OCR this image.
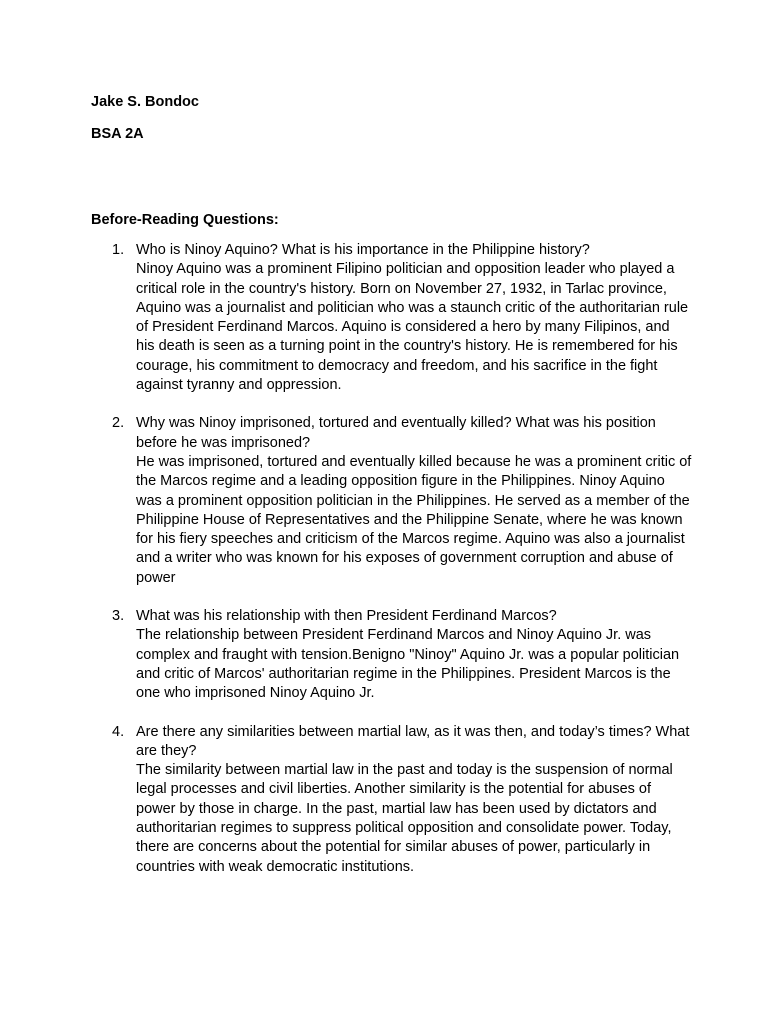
Jake S. Bondoc
BSA 2A
Before-Reading Questions:
1. Who is Ninoy Aquino? What is his importance in the Philippine history?
Ninoy Aquino was a prominent Filipino politician and opposition leader who played a critical role in the country's history. Born on November 27, 1932, in Tarlac province, Aquino was a journalist and politician who was a staunch critic of the authoritarian rule of President Ferdinand Marcos. Aquino is considered a hero by many Filipinos, and his death is seen as a turning point in the country's history. He is remembered for his courage, his commitment to democracy and freedom, and his sacrifice in the fight against tyranny and oppression.
2. Why was Ninoy imprisoned, tortured and eventually killed? What was his position before he was imprisoned?
He was imprisoned, tortured and eventually killed because he was a prominent critic of the Marcos regime and a leading opposition figure in the Philippines. Ninoy Aquino was a prominent opposition politician in the Philippines. He served as a member of the Philippine House of Representatives and the Philippine Senate, where he was known for his fiery speeches and criticism of the Marcos regime. Aquino was also a journalist and a writer who was known for his exposes of government corruption and abuse of power
3. What was his relationship with then President Ferdinand Marcos?
The relationship between President Ferdinand Marcos and Ninoy Aquino Jr. was complex and fraught with tension.Benigno "Ninoy" Aquino Jr. was a popular politician and critic of Marcos' authoritarian regime in the Philippines. President Marcos is the one who imprisoned Ninoy Aquino Jr.
4. Are there any similarities between martial law, as it was then, and today’s times? What are they?
The similarity between martial law in the past and today is the suspension of normal legal processes and civil liberties. Another similarity is the potential for abuses of power by those in charge. In the past, martial law has been used by dictators and authoritarian regimes to suppress political opposition and consolidate power. Today, there are concerns about the potential for similar abuses of power, particularly in countries with weak democratic institutions.
